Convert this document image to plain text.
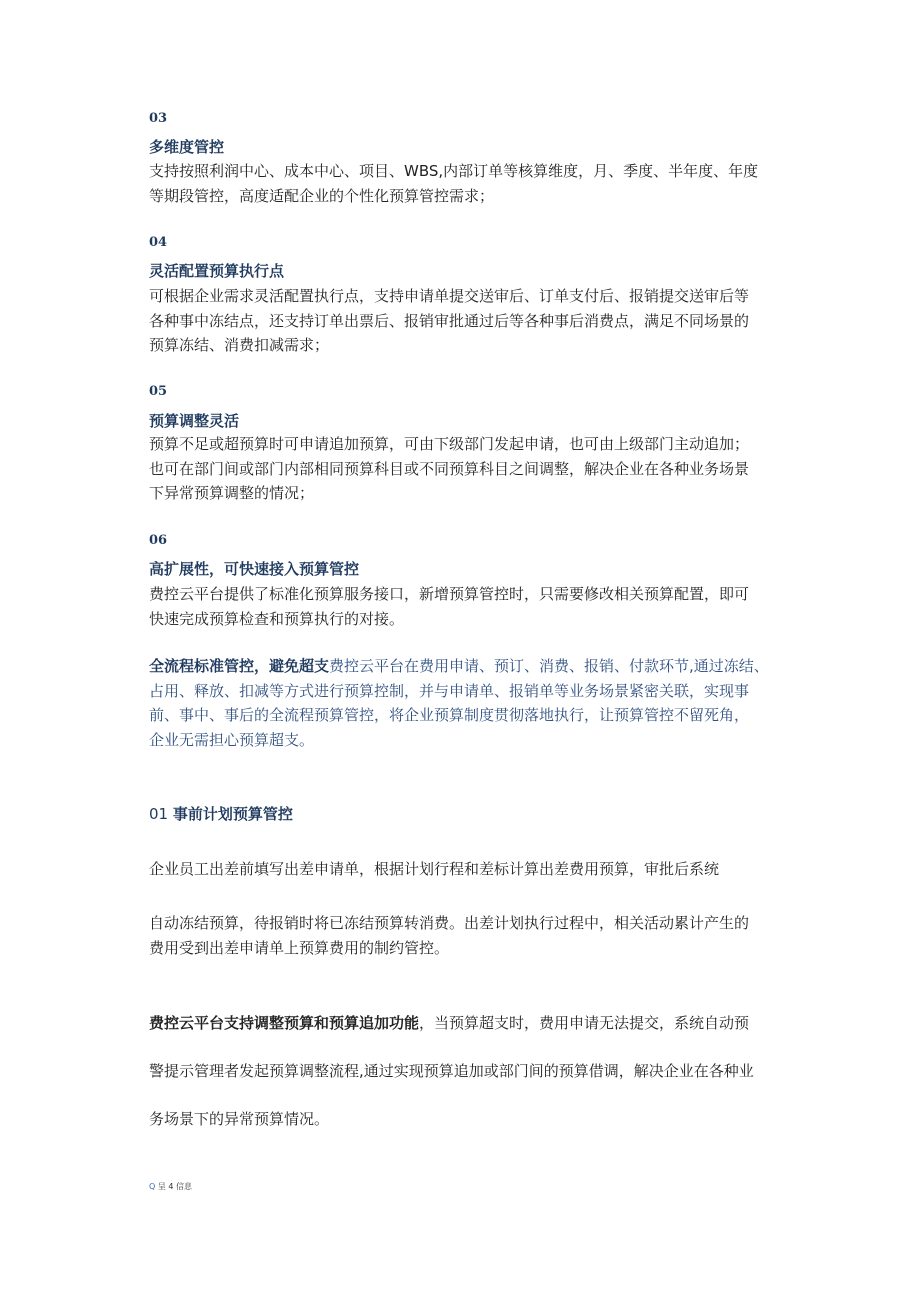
03
多维度管控
支持按照利润中心、成本中心、项目、WBS,内部订单等核算维度，月、季度、半年度、年度
等期段管控，高度适配企业的个性化预算管控需求；
04
灵活配置预算执行点
可根据企业需求灵活配置执行点，支持申请单提交送审后、订单支付后、报销提交送审后等
各种事中冻结点，还支持订单出票后、报销审批通过后等各种事后消费点，满足不同场景的
预算冻结、消费扣减需求；
05
预算调整灵活
预算不足或超预算时可申请追加预算，可由下级部门发起申请，也可由上级部门主动追加；
也可在部门间或部门内部相同预算科目或不同预算科目之间调整，解决企业在各种业务场景
下异常预算调整的情况；
06
高扩展性，可快速接入预算管控
费控云平台提供了标准化预算服务接口，新增预算管控时，只需要修改相关预算配置，即可
快速完成预算检查和预算执行的对接。
全流程标准管控，避免超支费控云平台在费用申请、预订、消费、报销、付款环节,通过冻结、
占用、释放、扣减等方式进行预算控制，并与申请单、报销单等业务场景紧密关联，实现事
前、事中、事后的全流程预算管控，将企业预算制度贯彻落地执行，让预算管控不留死角，
企业无需担心预算超支。
01 事前计划预算管控
企业员工出差前填写出差申请单，根据计划行程和差标计算出差费用预算，审批后系统
自动冻结预算，待报销时将已冻结预算转消费。出差计划执行过程中，相关活动累计产生的
费用受到出差申请单上预算费用的制约管控。
费控云平台支持调整预算和预算追加功能，当预算超支时，费用申请无法提交，系统自动预
警提示管理者发起预算调整流程,通过实现预算追加或部门间的预算借调，解决企业在各种业
务场景下的异常预算情况。
Q 呈 4 信息
